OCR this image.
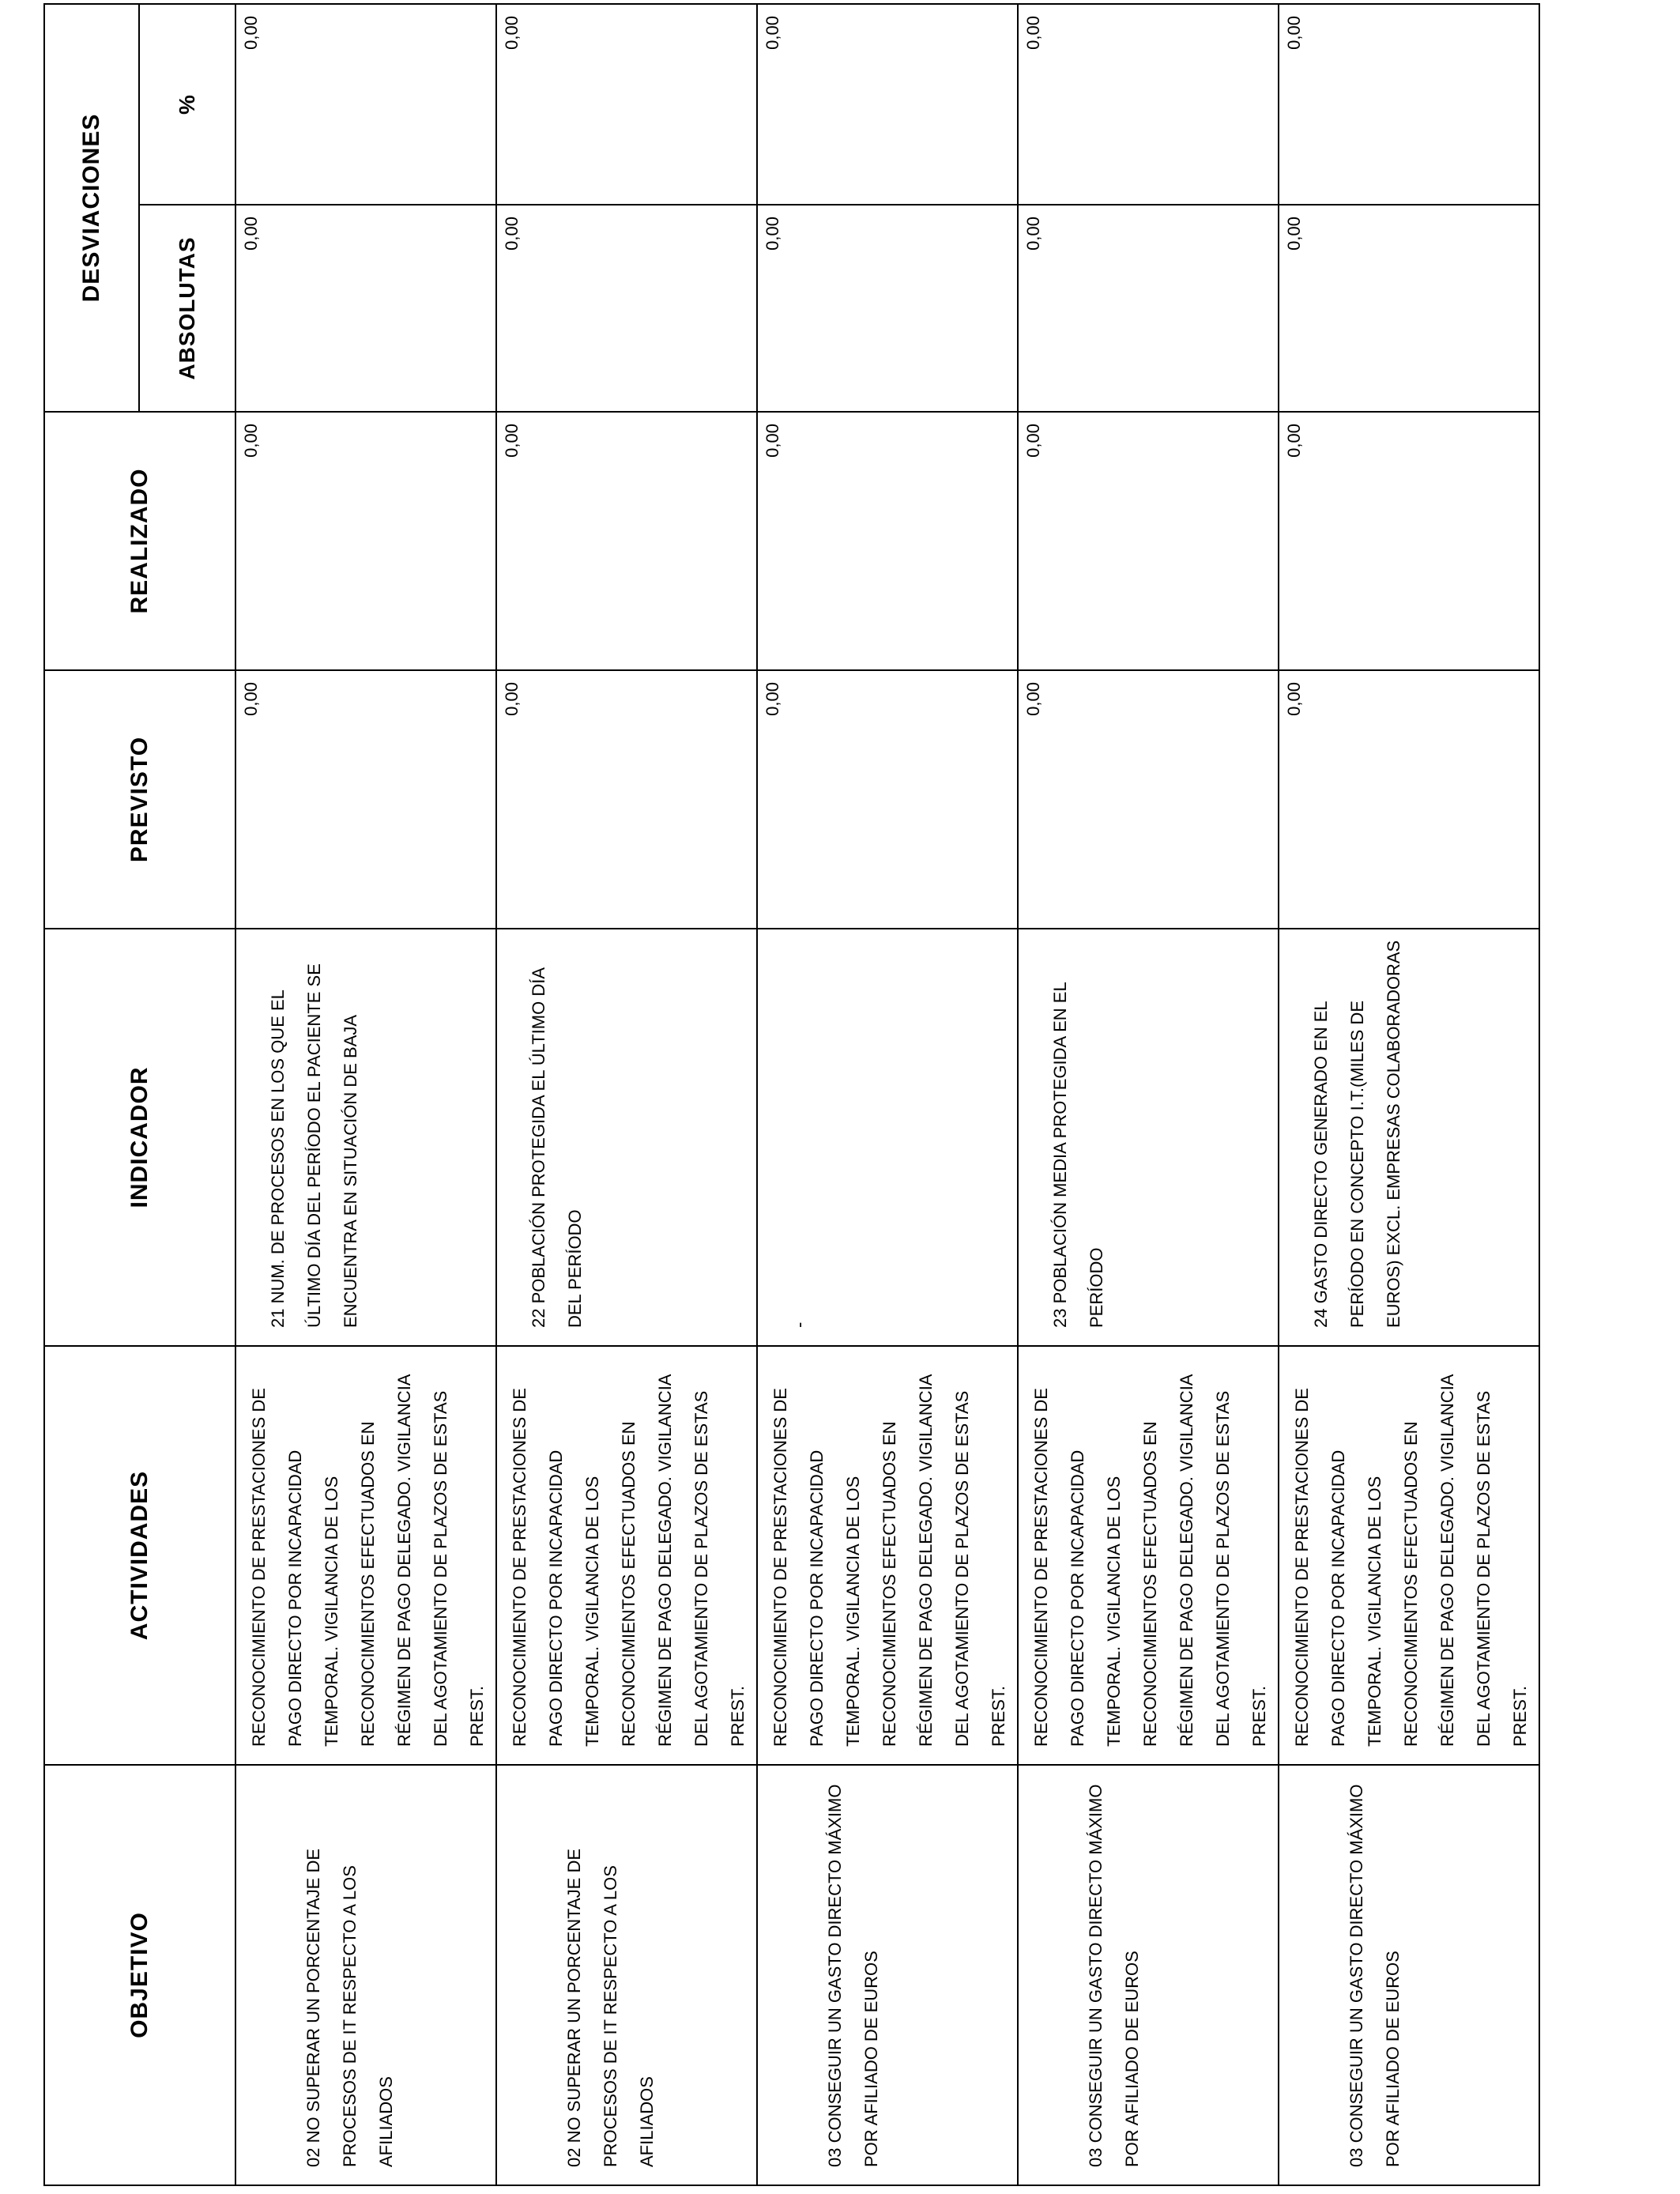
OBJETIVO	ACTIVIDADES	INDICADOR	PREVISTO	REALIZADO	DESVIACIONES	
					ABSOLUTAS	%

02 NO SUPERAR UN PORCENTAJE DE PROCESOS DE IT RESPECTO A LOS AFILIADOS	RECONOCIMIENTO DE PRESTACIONES DE PAGO DIRECTO POR INCAPACIDAD TEMPORAL. VIGILANCIA DE LOS RECONOCIMIENTOS EFECTUADOS EN RÉGIMEN DE PAGO DELEGADO. VIGILANCIA DEL AGOTAMIENTO DE PLAZOS DE ESTAS PREST.	21 NUM. DE PROCESOS EN LOS QUE EL ÚLTIMO DÍA DEL PERÍODO EL PACIENTE SE ENCUENTRA EN SITUACIÓN DE BAJA	0,00	0,00	0,00	0,00

02 NO SUPERAR UN PORCENTAJE DE PROCESOS DE IT RESPECTO A LOS AFILIADOS	RECONOCIMIENTO DE PRESTACIONES DE PAGO DIRECTO POR INCAPACIDAD TEMPORAL. VIGILANCIA DE LOS RECONOCIMIENTOS EFECTUADOS EN RÉGIMEN DE PAGO DELEGADO. VIGILANCIA DEL AGOTAMIENTO DE PLAZOS DE ESTAS PREST.	22 POBLACIÓN PROTEGIDA EL ÚLTIMO DÍA DEL PERÍODO	0,00	0,00	0,00	0,00

03 CONSEGUIR UN GASTO DIRECTO MÁXIMO POR AFILIADO DE EUROS	RECONOCIMIENTO DE PRESTACIONES DE PAGO DIRECTO POR INCAPACIDAD TEMPORAL. VIGILANCIA DE LOS RECONOCIMIENTOS EFECTUADOS EN RÉGIMEN DE PAGO DELEGADO. VIGILANCIA DEL AGOTAMIENTO DE PLAZOS DE ESTAS PREST.	-	0,00	0,00	0,00	0,00

03 CONSEGUIR UN GASTO DIRECTO MÁXIMO POR AFILIADO DE EUROS	RECONOCIMIENTO DE PRESTACIONES DE PAGO DIRECTO POR INCAPACIDAD TEMPORAL. VIGILANCIA DE LOS RECONOCIMIENTOS EFECTUADOS EN RÉGIMEN DE PAGO DELEGADO. VIGILANCIA DEL AGOTAMIENTO DE PLAZOS DE ESTAS PREST.	23 POBLACIÓN MEDIA PROTEGIDA EN EL PERÍODO	0,00	0,00	0,00	0,00

03 CONSEGUIR UN GASTO DIRECTO MÁXIMO POR AFILIADO DE EUROS	RECONOCIMIENTO DE PRESTACIONES DE PAGO DIRECTO POR INCAPACIDAD TEMPORAL. VIGILANCIA DE LOS RECONOCIMIENTOS EFECTUADOS EN RÉGIMEN DE PAGO DELEGADO. VIGILANCIA DEL AGOTAMIENTO DE PLAZOS DE ESTAS PREST.	24 GASTO DIRECTO GENERADO EN EL PERÍODO EN CONCEPTO I.T.(MILES DE EUROS) EXCL. EMPRESAS COLABORADORAS	0,00	0,00	0,00	0,00
